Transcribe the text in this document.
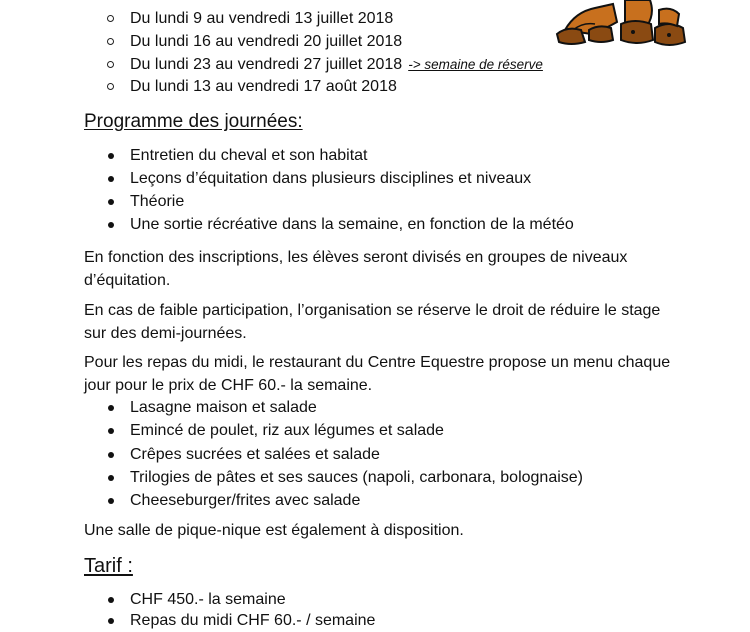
Du lundi 9 au vendredi 13 juillet 2018
Du lundi 16 au vendredi 20 juillet 2018
Du lundi 23 au vendredi 27 juillet 2018 -> semaine de réserve
Du lundi 13 au vendredi 17 août 2018
Programme des journées:
Entretien du cheval et son habitat
Leçons d’équitation dans plusieurs disciplines et niveaux
Théorie
Une sortie récréative dans la semaine, en fonction de la météo

En fonction des inscriptions, les élèves seront divisés en groupes de niveaux d’équitation.

En cas de faible participation, l’organisation se réserve le droit de réduire le stage sur des demi-journées.

Pour les repas du midi, le restaurant du Centre Equestre propose un menu chaque jour pour le prix de CHF 60.- la semaine.

Lasagne maison et salade
Emincé de poulet, riz aux légumes et salade
Crêpes sucrées et salées et salade
Trilogies de pâtes et ses sauces (napoli, carbonara, bolognaise)
Cheeseburger/frites avec salade

Une salle de pique-nique est également à disposition.

Tarif :
CHF 450.- la semaine
Repas du midi CHF 60.- / semaine
